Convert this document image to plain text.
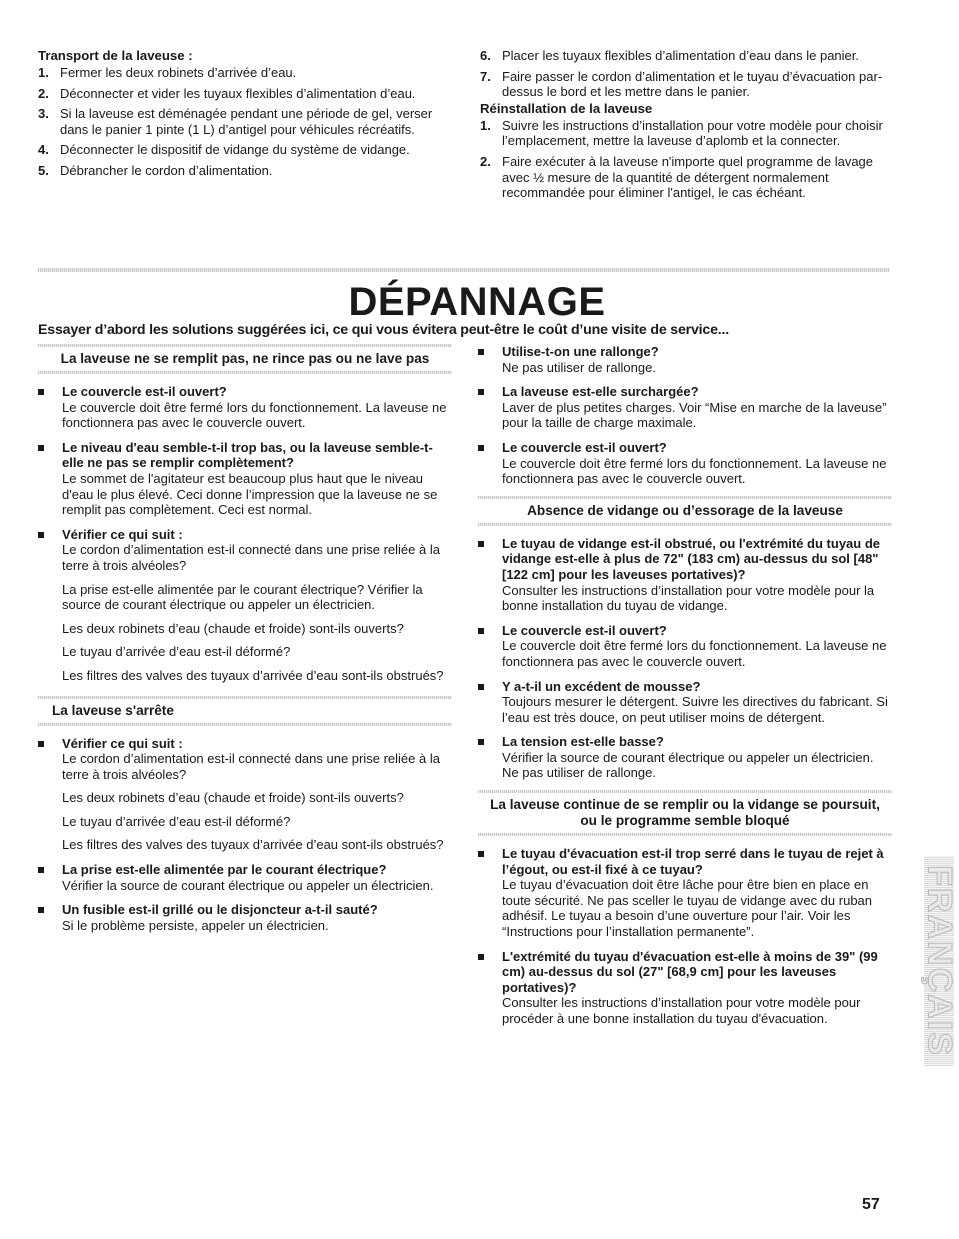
Transport de la laveuse :
1. Fermer les deux robinets d’arrivée d’eau.
2. Déconnecter et vider les tuyaux flexibles d’alimentation d’eau.
3. Si la laveuse est déménagée pendant une période de gel, verser dans le panier 1 pinte (1 L) d’antigel pour véhicules récréatifs.
4. Déconnecter le dispositif de vidange du système de vidange.
5. Débrancher le cordon d’alimentation.
6. Placer les tuyaux flexibles d’alimentation d’eau dans le panier.
7. Faire passer le cordon d’alimentation et le tuyau d’évacuation par-dessus le bord et les mettre dans le panier.
Réinstallation de la laveuse
1. Suivre les instructions d’installation pour votre modèle pour choisir l’emplacement, mettre la laveuse d’aplomb et la connecter.
2. Faire exécuter à la laveuse n'importe quel programme de lavage avec ½ mesure de la quantité de détergent normalement recommandée pour éliminer l'antigel, le cas échéant.
DÉPANNAGE
Essayer d’abord les solutions suggérées ici, ce qui vous évitera peut-être le coût d’une visite de service...
La laveuse ne se remplit pas, ne rince pas ou ne lave pas
Le couvercle est-il ouvert?
Le couvercle doit être fermé lors du fonctionnement. La laveuse ne fonctionnera pas avec le couvercle ouvert.
Le niveau d'eau semble-t-il trop bas, ou la laveuse semble-t-elle ne pas se remplir complètement?
Le sommet de l'agitateur est beaucoup plus haut que le niveau d'eau le plus élevé. Ceci donne l’impression que la laveuse ne se remplit pas complètement. Ceci est normal.
Vérifier ce qui suit :
Le cordon d’alimentation est-il connecté dans une prise reliée à la terre à trois alvéoles?
La prise est-elle alimentée par le courant électrique? Vérifier la source de courant électrique ou appeler un électricien.
Les deux robinets d’eau (chaude et froide) sont-ils ouverts?
Le tuyau d’arrivée d’eau est-il déformé?
Les filtres des valves des tuyaux d’arrivée d’eau sont-ils obstrués?
La laveuse s'arrête
Vérifier ce qui suit :
Le cordon d’alimentation est-il connecté dans une prise reliée à la terre à trois alvéoles?
Les deux robinets d’eau (chaude et froide) sont-ils ouverts?
Le tuyau d’arrivée d’eau est-il déformé?
Les filtres des valves des tuyaux d’arrivée d’eau sont-ils obstrués?
La prise est-elle alimentée par le courant électrique?
Vérifier la source de courant électrique ou appeler un électricien.
Un fusible est-il grillé ou le disjoncteur a-t-il sauté?
Si le problème persiste, appeler un électricien.
Utilise-t-on une rallonge?
Ne pas utiliser de rallonge.
La laveuse est-elle surchargée?
Laver de plus petites charges. Voir “Mise en marche de la laveuse” pour la taille de charge maximale.
Le couvercle est-il ouvert?
Le couvercle doit être fermé lors du fonctionnement. La laveuse ne fonctionnera pas avec le couvercle ouvert.
Absence de vidange ou d’essorage de la laveuse
Le tuyau de vidange est-il obstrué, ou l'extrémité du tuyau de vidange est-elle à plus de 72" (183 cm) au-dessus du sol [48" [122 cm] pour les laveuses portatives)?
Consulter les instructions d’installation pour votre modèle pour la bonne installation du tuyau de vidange.
Le couvercle est-il ouvert?
Le couvercle doit être fermé lors du fonctionnement. La laveuse ne fonctionnera pas avec le couvercle ouvert.
Y a-t-il un excédent de mousse?
Toujours mesurer le détergent. Suivre les directives du fabricant. Si l’eau est très douce, on peut utiliser moins de détergent.
La tension est-elle basse?
Vérifier la source de courant électrique ou appeler un électricien. Ne pas utiliser de rallonge.
La laveuse continue de se remplir ou la vidange se poursuit, ou le programme semble bloqué
Le tuyau d'évacuation est-il trop serré dans le tuyau de rejet à l’égout, ou est-il fixé à ce tuyau?
Le tuyau d’évacuation doit être lâche pour être bien en place en toute sécurité. Ne pas sceller le tuyau de vidange avec du ruban adhésif. Le tuyau a besoin d’une ouverture pour l’air. Voir les “Instructions pour l’installation permanente”.
L'extrémité du tuyau d'évacuation est-elle à moins de 39" (99 cm) au-dessus du sol (27" [68,9 cm] pour les laveuses portatives)?
Consulter les instructions d’installation pour votre modèle pour procéder à une bonne installation du tuyau d'évacuation.	FRANÇAIS
57
